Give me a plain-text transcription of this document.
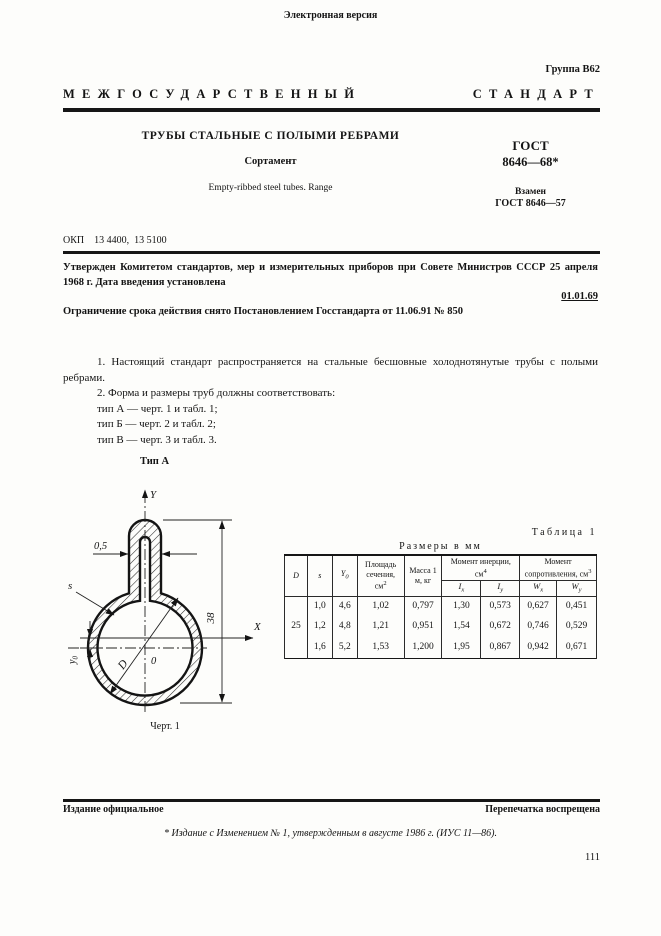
Электронная версия
Группа В62
МЕЖГОСУДАРСТВЕННЫЙ	СТАНДАРТ
ТРУБЫ СТАЛЬНЫЕ С ПОЛЫМИ РЕБРАМИ
Сортамент
Empty-ribbed steel tubes. Range
ГОСТ
8646—68*
Взамен
ГОСТ 8646—57
ОКП    13 4400,  13 5100
Утвержден Комитетом стандартов, мер и измерительных приборов при Совете Министров СССР 25 апреля 1968 г. Дата введения установлена
01.01.69
Ограничение срока действия снято Постановлением Госстандарта от 11.06.91 № 850

1. Настоящий стандарт распространяется на стальные бесшовные холоднотянутые трубы с полыми ребрами.

2. Форма и размеры труб должны соответствовать:

тип А — черт. 1 и табл. 1;

тип Б — черт. 2 и табл. 2;

тип В — черт. 3 и табл. 3.

Тип А
Y
X
0,5
s
38
D 0
$y_0$
Черт. 1
Таблица 1
Размеры в мм
D	s	$Y_0$	Площадь сечения, $см^2$	Масса 1 м, кг	Момент инерции, $см^4$		Момент сопротивления, $см^3$
					$I_x$	$I_y$	$W_x$	$W_y$
25	1,0	4,6	1,02	0,797	1,30	0,573	0,627	0,451
	1,2	4,8	1,21	0,951	1,54	0,672	0,746	0,529
	1,6	5,2	1,53	1,200	1,95	0,867	0,942	0,671
Издание официальное	Перепечатка воспрещена
* Издание с Изменением № 1, утвержденным в августе 1986 г. (ИУС 11—86).
111
